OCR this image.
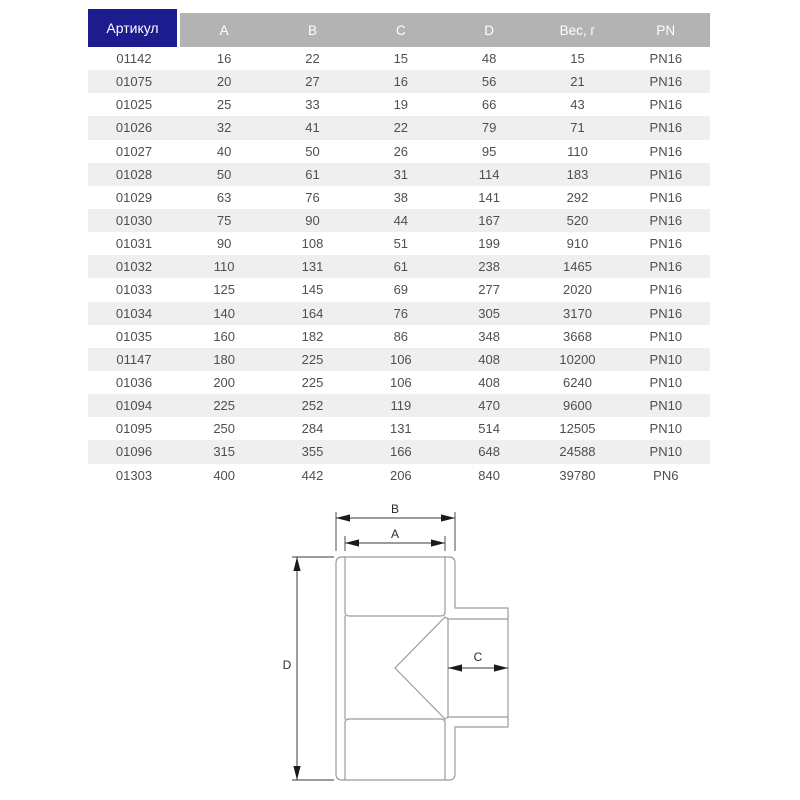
Артикул	A	B	C	D	Вес, г	PN
01142	16	22	15	48	15	PN16
01075	20	27	16	56	21	PN16
01025	25	33	19	66	43	PN16
01026	32	41	22	79	71	PN16
01027	40	50	26	95	110	PN16
01028	50	61	31	114	183	PN16
01029	63	76	38	141	292	PN16
01030	75	90	44	167	520	PN16
01031	90	108	51	199	910	PN16
01032	110	131	61	238	1465	PN16
01033	125	145	69	277	2020	PN16
01034	140	164	76	305	3170	PN16
01035	160	182	86	348	3668	PN10
01147	180	225	106	408	10200	PN10
01036	200	225	106	408	6240	PN10
01094	225	252	119	470	9600	PN10
01095	250	284	131	514	12505	PN10
01096	315	355	166	648	24588	PN10
01303	400	442	206	840	39780	PN6
B
A
D
C
